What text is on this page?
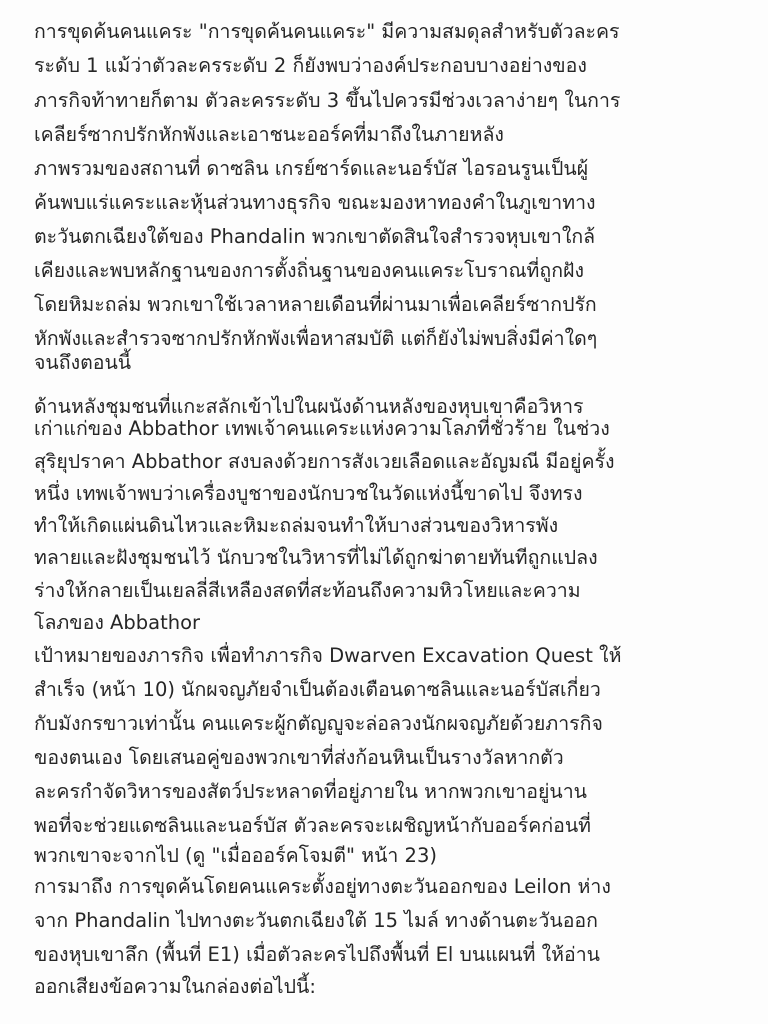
การขุดค้นคนแคระ "การขุดค้นคนแคระ" มีความสมดุลสำหรับตัวละคร
ระดับ 1 แม้ว่าตัวละครระดับ 2 ก็ยังพบว่าองค์ประกอบบางอย่างของ
ภารกิจท้าทายก็ตาม ตัวละครระดับ 3 ขึ้นไปควรมีช่วงเวลาง่ายๆ ในการ
เคลียร์ซากปรักหักพังและเอาชนะออร์คที่มาถึงในภายหลัง
ภาพรวมของสถานที่ ดาซลิน เกรย์ซาร์ดและนอร์บัส ไอรอนรูนเป็นผู้
ค้นพบแร่แคระและหุ้นส่วนทางธุรกิจ ขณะมองหาทองคำในภูเขาทาง
ตะวันตกเฉียงใต้ของ Phandalin พวกเขาตัดสินใจสำรวจหุบเขาใกล้
เคียงและพบหลักฐานของการตั้งถิ่นฐานของคนแคระโบราณที่ถูกฝัง
โดยหิมะถล่ม พวกเขาใช้เวลาหลายเดือนที่ผ่านมาเพื่อเคลียร์ซากปรัก
หักพังและสำรวจซากปรักหักพังเพื่อหาสมบัติ แต่ก็ยังไม่พบสิ่งมีค่าใดๆ
จนถึงตอนนี้
ด้านหลังชุมชนที่แกะสลักเข้าไปในผนังด้านหลังของหุบเขาคือวิหาร
เก่าแก่ของ Abbathor เทพเจ้าคนแคระแห่งความโลภที่ชั่วร้าย ในช่วง
สุริยุปราคา Abbathor สงบลงด้วยการสังเวยเลือดและอัญมณี มีอยู่ครั้ง
หนึ่ง เทพเจ้าพบว่าเครื่องบูชาของนักบวชในวัดแห่งนี้ขาดไป จึงทรง
ทำให้เกิดแผ่นดินไหวและหิมะถล่มจนทำให้บางส่วนของวิหารพัง
ทลายและฝังชุมชนไว้ นักบวชในวิหารที่ไม่ได้ถูกฆ่าตายทันทีถูกแปลง
ร่างให้กลายเป็นเยลลี่สีเหลืองสดที่สะท้อนถึงความหิวโหยและความ
โลภของ Abbathor
เป้าหมายของภารกิจ เพื่อทำภารกิจ Dwarven Excavation Quest ให้
สำเร็จ (หน้า 10) นักผจญภัยจำเป็นต้องเตือนดาซลินและนอร์บัสเกี่ยว
กับมังกรขาวเท่านั้น คนแคระผู้กตัญญูจะล่อลวงนักผจญภัยด้วยภารกิจ
ของตนเอง โดยเสนอคู่ของพวกเขาที่ส่งก้อนหินเป็นรางวัลหากตัว
ละครกำจัดวิหารของสัตว์ประหลาดที่อยู่ภายใน หากพวกเขาอยู่นาน
พอที่จะช่วยแดซลินและนอร์บัส ตัวละครจะเผชิญหน้ากับออร์คก่อนที่
พวกเขาจะจากไป (ดู "เมื่อออร์คโจมตี" หน้า 23)
การมาถึง การขุดค้นโดยคนแคระตั้งอยู่ทางตะวันออกของ Leilon ห่าง
จาก Phandalin ไปทางตะวันตกเฉียงใต้ 15 ไมล์ ทางด้านตะวันออก
ของหุบเขาลึก (พื้นที่ E1) เมื่อตัวละครไปถึงพื้นที่ El บนแผนที่ ให้อ่าน
ออกเสียงข้อความในกล่องต่อไปนี้:
